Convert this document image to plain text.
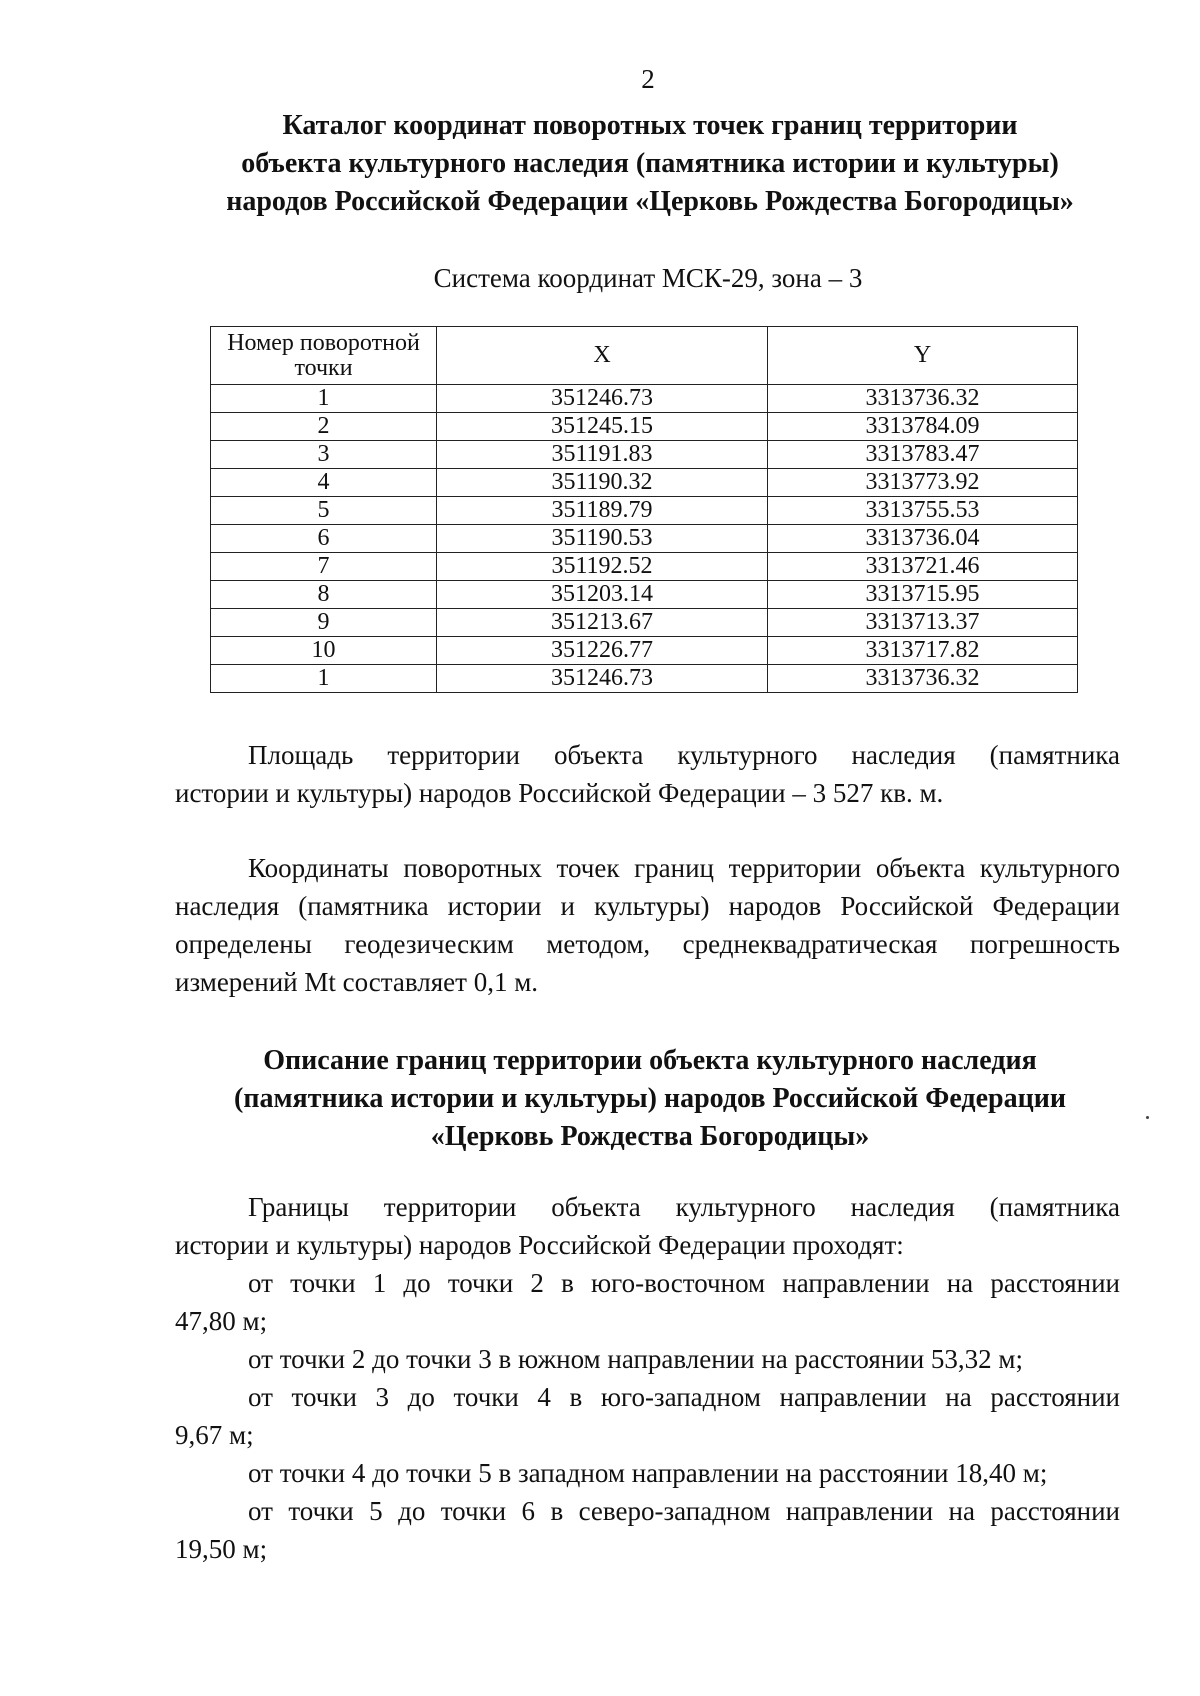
2
Каталог координат поворотных точек границ территории
объекта культурного наследия (памятника истории и культуры)
народов Российской Федерации «Церковь Рождества Богородицы»
Система координат МСК-29, зона – 3
Номер поворотной точки	X	Y
1	351246.73	3313736.32
2	351245.15	3313784.09
3	351191.83	3313783.47
4	351190.32	3313773.92
5	351189.79	3313755.53
6	351190.53	3313736.04
7	351192.52	3313721.46
8	351203.14	3313715.95
9	351213.67	3313713.37
10	351226.77	3313717.82
1	351246.73	3313736.32
Площадь территории объекта культурного наследия (памятника
истории и культуры) народов Российской Федерации – 3 527 кв. м.
Координаты поворотных точек границ территории объекта культурного
наследия (памятника истории и культуры) народов Российской Федерации
определены геодезическим методом, среднеквадратическая погрешность
измерений Mt составляет 0,1 м.
Описание границ территории объекта культурного наследия
(памятника истории и культуры) народов Российской Федерации
«Церковь Рождества Богородицы»
Границы территории объекта культурного наследия (памятника
истории и культуры) народов Российской Федерации проходят:
от точки 1 до точки 2 в юго-восточном направлении на расстоянии
47,80 м;
от точки 2 до точки 3 в южном направлении на расстоянии 53,32 м;
от точки 3 до точки 4 в юго-западном направлении на расстоянии
9,67 м;
от точки 4 до точки 5 в западном направлении на расстоянии 18,40 м;
от точки 5 до точки 6 в северо-западном направлении на расстоянии
19,50 м;
